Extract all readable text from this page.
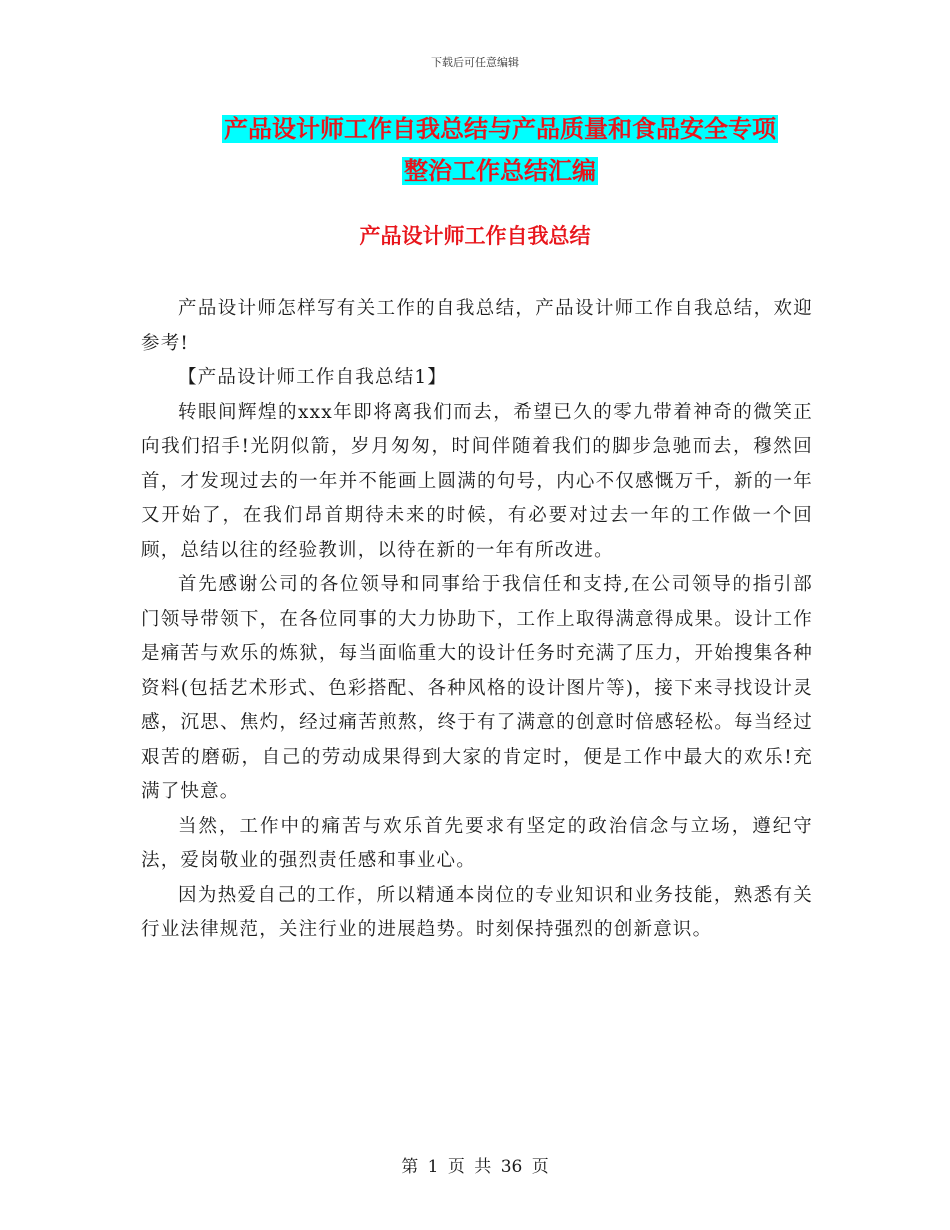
下载后可任意编辑
产品设计师工作自我总结与产品质量和食品安全专项
整治工作总结汇编
产品设计师工作自我总结

产品设计师怎样写有关工作的自我总结，产品设计师工作自我总结，欢迎参考!

【产品设计师工作自我总结1】

转眼间辉煌的xxx年即将离我们而去，希望已久的零九带着神奇的微笑正向我们招手!光阴似箭，岁月匆匆，时间伴随着我们的脚步急驰而去，穆然回首，才发现过去的一年并不能画上圆满的句号，内心不仅感慨万千，新的一年又开始了，在我们昂首期待未来的时候，有必要对过去一年的工作做一个回顾，总结以往的经验教训，以待在新的一年有所改进。

首先感谢公司的各位领导和同事给于我信任和支持,在公司领导的指引部门领导带领下，在各位同事的大力协助下，工作上取得满意得成果。设计工作是痛苦与欢乐的炼狱，每当面临重大的设计任务时充满了压力，开始搜集各种资料(包括艺术形式、色彩搭配、各种风格的设计图片等)，接下来寻找设计灵感，沉思、焦灼，经过痛苦煎熬，终于有了满意的创意时倍感轻松。每当经过艰苦的磨砺，自己的劳动成果得到大家的肯定时，便是工作中最大的欢乐!充满了快意。

当然，工作中的痛苦与欢乐首先要求有坚定的政治信念与立场，遵纪守法，爱岗敬业的强烈责任感和事业心。

因为热爱自己的工作，所以精通本岗位的专业知识和业务技能，熟悉有关行业法律规范，关注行业的进展趋势。时刻保持强烈的创新意识。

第 1 页 共 36 页
